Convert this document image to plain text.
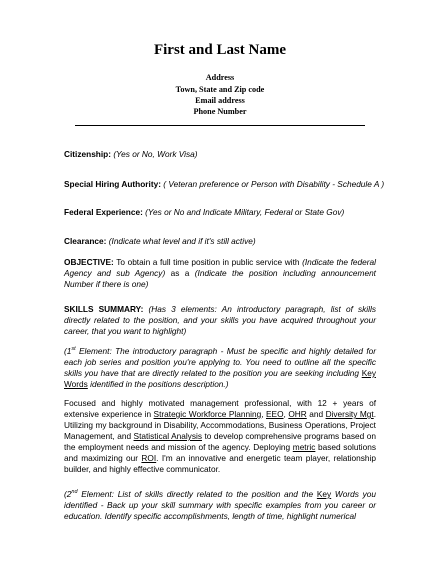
First and Last Name
Address
Town, State and Zip code
Email address
Phone Number
Citizenship: (Yes or No, Work Visa)
Special Hiring Authority: ( Veteran preference or Person with Disability - Schedule A )
Federal Experience: (Yes or No and Indicate Military, Federal or State Gov)
Clearance: (Indicate what level and if it's still active)
OBJECTIVE: To obtain a full time position in public service with (Indicate the federal Agency and sub Agency) as a (Indicate the position including announcement Number if there is one)
SKILLS SUMMARY: (Has 3 elements: An introductory paragraph, list of skills directly related to the position, and your skills you have acquired throughout your career, that you want to highlight)
(1st Element: The introductory paragraph - Must be specific and highly detailed for each job series and position you're applying to. You need to outline all the specific skills you have that are directly related to the position you are seeking including Key Words identified in the positions description.)
Focused and highly motivated management professional, with 12 + years of extensive experience in Strategic Workforce Planning, EEO, OHR and Diversity Mgt. Utilizing my background in Disability, Accommodations, Business Operations, Project Management, and Statistical Analysis to develop comprehensive programs based on the employment needs and mission of the agency. Deploying metric based solutions and maximizing our ROI. I'm an innovative and energetic team player, relationship builder, and highly effective communicator.
(2nd Element: List of skills directly related to the position and the Key Words you identified - Back up your skill summary with specific examples from you career or education. Identify specific accomplishments, length of time, highlight numerical
